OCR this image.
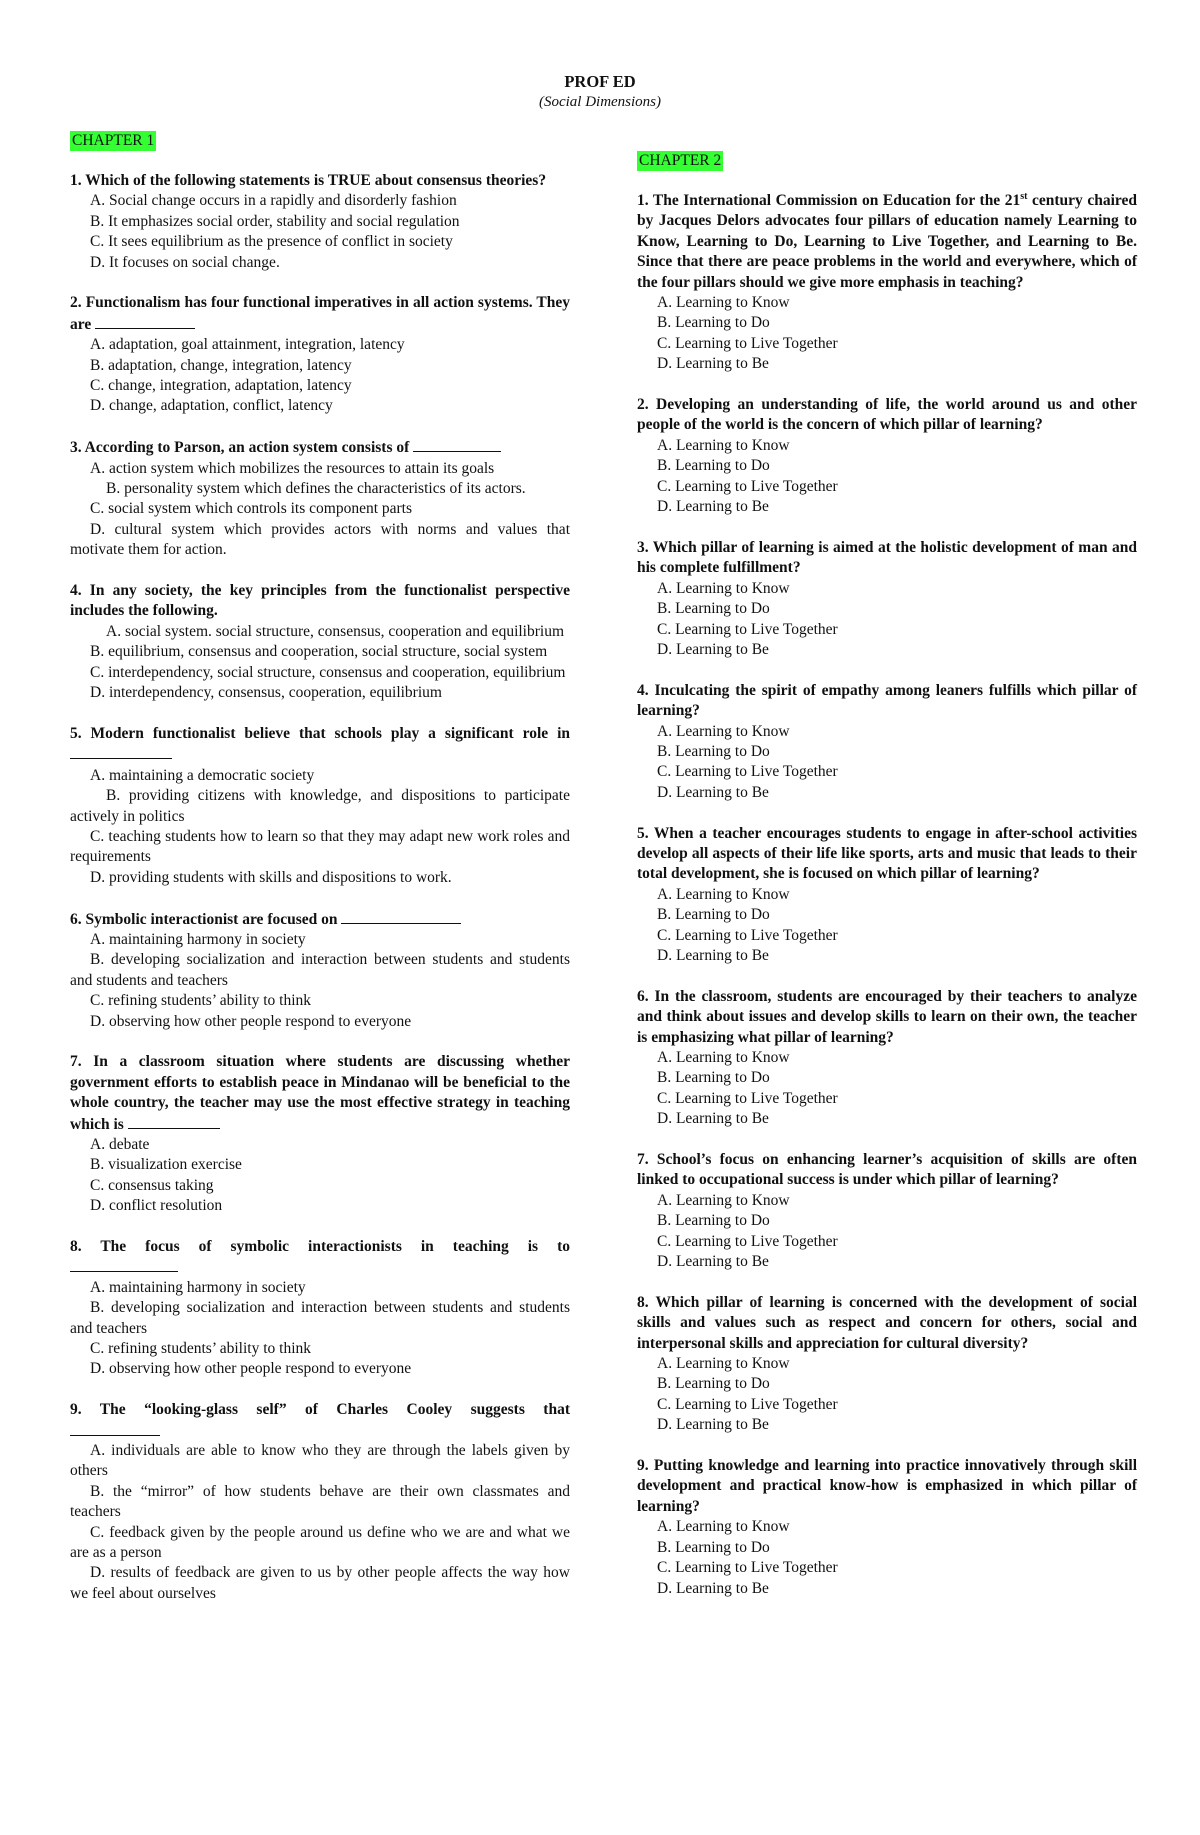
PROF ED
(Social Dimensions)
CHAPTER 1
1. Which of the following statements is TRUE about consensus theories?
A. Social change occurs in a rapidly and disorderly fashion
B. It emphasizes social order, stability and social regulation
C. It sees equilibrium as the presence of conflict in society
D. It focuses on social change.
2. Functionalism has four functional imperatives in all action systems. They are
A. adaptation, goal attainment, integration, latency
B. adaptation, change, integration, latency
C. change, integration, adaptation, latency
D. change, adaptation, conflict, latency
3. According to Parson, an action system consists of
A. action system which mobilizes the resources to attain its goals
B. personality system which defines the characteristics of its actors.
C. social system which controls its component parts
D. cultural system which provides actors with norms and values that motivate them for action.
4. In any society, the key principles from the functionalist perspective includes the following.
A. social system. social structure, consensus, cooperation and equilibrium
B. equilibrium, consensus and cooperation, social structure, social system
C. interdependency, social structure, consensus and cooperation, equilibrium
D. interdependency, consensus, cooperation, equilibrium
5. Modern functionalist believe that schools play a significant role in
A. maintaining a democratic society
B. providing citizens with knowledge, and dispositions to participate actively in politics
C. teaching students how to learn so that they may adapt new work roles and requirements
D. providing students with skills and dispositions to work.
6. Symbolic interactionist are focused on
A. maintaining harmony in society
B. developing socialization and interaction between students and students and students and teachers
C. refining students’ ability to think
D. observing how other people respond to everyone
7. In a classroom situation where students are discussing whether government efforts to establish peace in Mindanao will be beneficial to the whole country, the teacher may use the most effective strategy in teaching which is
A. debate
B. visualization exercise
C. consensus taking
D. conflict resolution
8. The focus of symbolic interactionists in teaching is to
A. maintaining harmony in society
B. developing socialization and interaction between students and students and teachers
C. refining students’ ability to think
D. observing how other people respond to everyone
9. The “looking-glass self” of Charles Cooley suggests that
A. individuals are able to know who they are through the labels given by others
B. the “mirror” of how students behave are their own classmates and teachers
C. feedback given by the people around us define who we are and what we are as a person
D. results of feedback are given to us by other people affects the way how we feel about ourselves
CHAPTER 2
1. The International Commission on Education for the 21st century chaired by Jacques Delors advocates four pillars of education namely Learning to Know, Learning to Do, Learning to Live Together, and Learning to Be. Since that there are peace problems in the world and everywhere, which of the four pillars should we give more emphasis in teaching?
A. Learning to Know
B. Learning to Do
C. Learning to Live Together
D. Learning to Be
2. Developing an understanding of life, the world around us and other people of the world is the concern of which pillar of learning?
A. Learning to Know
B. Learning to Do
C. Learning to Live Together
D. Learning to Be
3. Which pillar of learning is aimed at the holistic development of man and his complete fulfillment?
A. Learning to Know
B. Learning to Do
C. Learning to Live Together
D. Learning to Be
4. Inculcating the spirit of empathy among leaners fulfills which pillar of learning?
A. Learning to Know
B. Learning to Do
C. Learning to Live Together
D. Learning to Be
5. When a teacher encourages students to engage in after-school activities develop all aspects of their life like sports, arts and music that leads to their total development, she is focused on which pillar of learning?
A. Learning to Know
B. Learning to Do
C. Learning to Live Together
D. Learning to Be
6. In the classroom, students are encouraged by their teachers to analyze and think about issues and develop skills to learn on their own, the teacher is emphasizing what pillar of learning?
A. Learning to Know
B. Learning to Do
C. Learning to Live Together
D. Learning to Be
7. School’s focus on enhancing learner’s acquisition of skills are often linked to occupational success is under which pillar of learning?
A. Learning to Know
B. Learning to Do
C. Learning to Live Together
D. Learning to Be
8. Which pillar of learning is concerned with the development of social skills and values such as respect and concern for others, social and interpersonal skills and appreciation for cultural diversity?
A. Learning to Know
B. Learning to Do
C. Learning to Live Together
D. Learning to Be
9. Putting knowledge and learning into practice innovatively through skill development and practical know-how is emphasized in which pillar of learning?
A. Learning to Know
B. Learning to Do
C. Learning to Live Together
D. Learning to Be
